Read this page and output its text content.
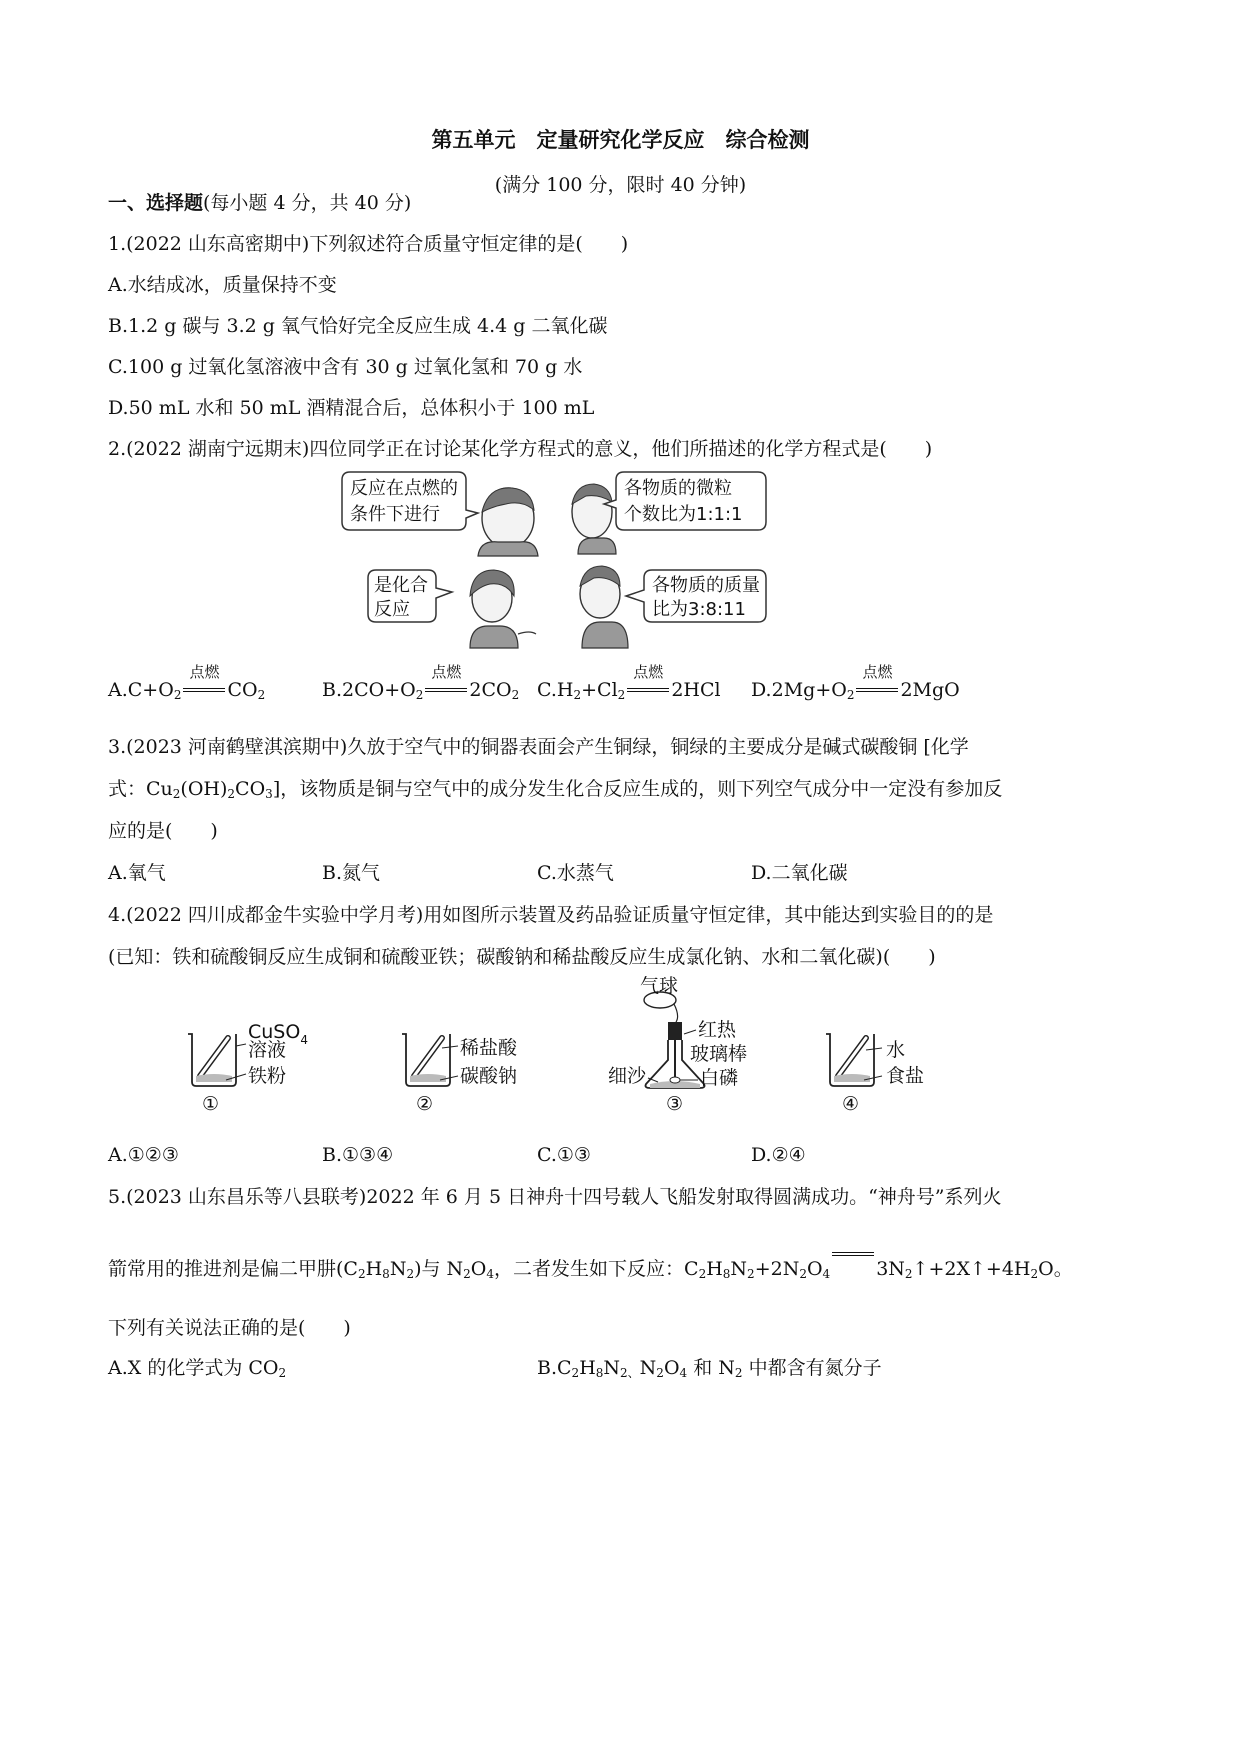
第五单元　定量研究化学反应　综合检测
(满分 100 分，限时 40 分钟)
一、选择题(每小题 4 分，共 40 分)
1.(2022 山东高密期中)下列叙述符合质量守恒定律的是(　　)
A.水结成冰，质量保持不变
B.1.2 g 碳与 3.2 g 氧气恰好完全反应生成 4.4 g 二氧化碳
C.100 g 过氧化氢溶液中含有 30 g 过氧化氢和 70 g 水
D.50 mL 水和 50 mL 酒精混合后，总体积小于 100 mL
2.(2022 湖南宁远期末)四位同学正在讨论某化学方程式的意义，他们所描述的化学方程式是(　　)
反应在点燃的
条件下进行
各物质的微粒
个数比为1:1:1
是化合
反应
各物质的质量
比为3:8:11
$A.C+O_2$
点燃
$CO_2$	$B.2CO+O_2$
点燃
$2CO_2$ $C.H_2+Cl_2$
点燃
2HCl $D.2Mg+O_2$
点燃
2MgO
3.(2023 河南鹤壁淇滨期中)久放于空气中的铜器表面会产生铜绿，铜绿的主要成分是碱式碳酸铜 [化学
式：$Cu_2(OH)_2CO_3$]，该物质是铜与空气中的成分发生化合反应生成的，则下列空气成分中一定没有参加反
应的是(　　)
A.氧气	B.氮气	C.水蒸气	D.二氧化碳
4.(2022 四川成都金牛实验中学月考)用如图所示装置及药品验证质量守恒定律，其中能达到实验目的的是
(已知：铁和硫酸铜反应生成铜和硫酸亚铁；碳酸钠和稀盐酸反应生成氯化钠、水和二氧化碳)(　　)
CuSO$_4$
溶液
铁粉
①
稀盐酸
碳酸钠
②
气球
红热
玻璃棒
白磷
细沙
③
水
食盐
④
A.①②③	B.①③④	C.①③	D.②④
5.(2023 山东昌乐等八县联考)2022 年 6 月 5 日神舟十四号载人飞船发射取得圆满成功。“神舟号”系列火
箭常用的推进剂是偏二甲肼$(C_2H_8N_2)$与 $N_2O_4$，二者发生如下反应：$C_2H_8N_2+2N_2O_4$ $3N_2↑+2X↑+4H_2O$。
下列有关说法正确的是(　　)
A.X 的化学式为 $CO_2$	$B.C_2H_8N_{2、}N_2O_4$ 和 $N_2$ 中都含有氮分子
